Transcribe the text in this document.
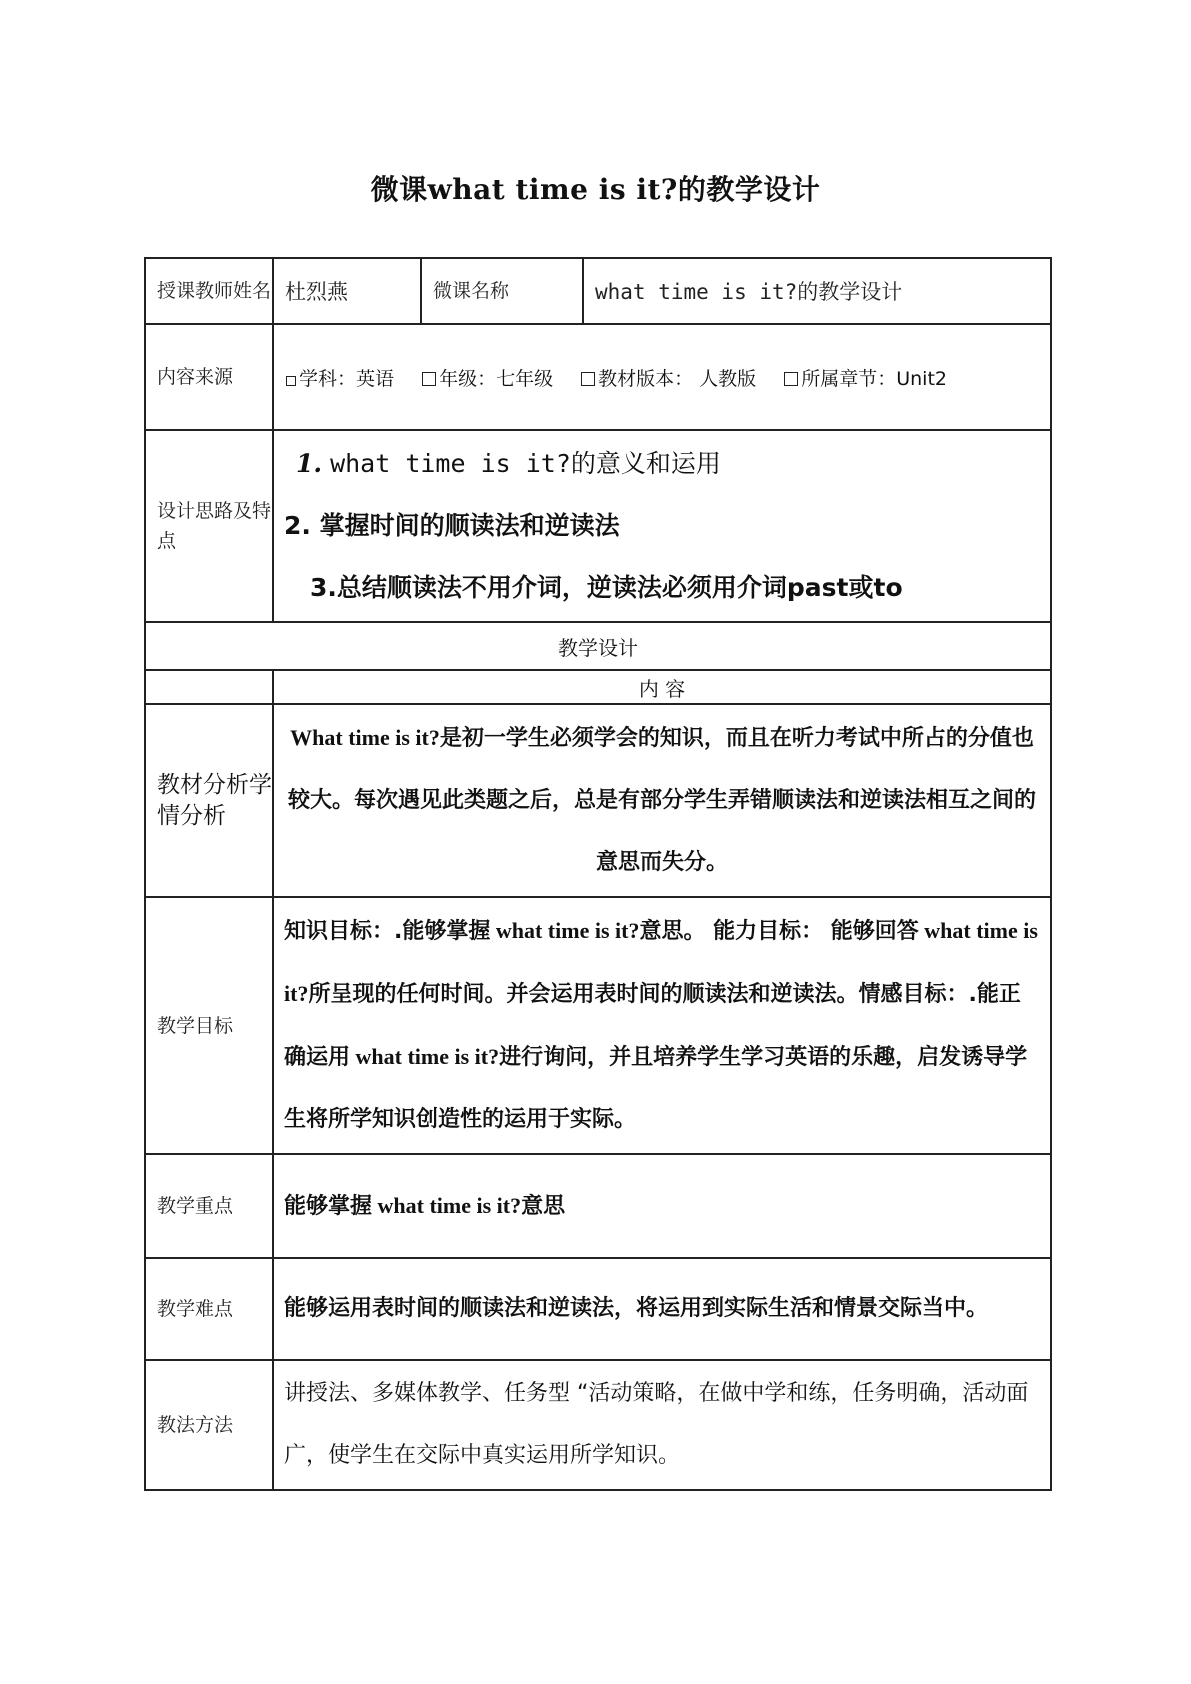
微课what time is it?的教学设计
授课教师姓名	杜烈燕	微课名称	what time is it?的教学设计
内容来源	学科：英语 年级：七年级 教材版本： 人教版 所属章节：Unit2		
设计思路及特点	1. what time is it?的意义和运用

2. 掌握时间的顺读法和逆读法

3.总结顺读法不用介词，逆读法必须用介词past或to		

教学设计			
	内 容		
教材分析学情分析	What time is it?是初一学生必须学会的知识，而且在听力考试中所占的分值也较大。每次遇见此类题之后，总是有部分学生弄错顺读法和逆读法相互之间的意思而失分。		
教学目标	知识目标：.能够掌握 what time is it?意思。 能力目标： 能够回答 what time is it?所呈现的任何时间。并会运用表时间的顺读法和逆读法。情感目标：.能正确运用 what time is it?进行询问，并且培养学生学习英语的乐趣，启发诱导学生将所学知识创造性的运用于实际。		
教学重点	能够掌握 what time is it?意思		
教学难点	能够运用表时间的顺读法和逆读法，将运用到实际生活和情景交际当中。		
教法方法	讲授法、多媒体教学、任务型 “活动策略，在做中学和练，任务明确，活动面广，使学生在交际中真实运用所学知识。		
